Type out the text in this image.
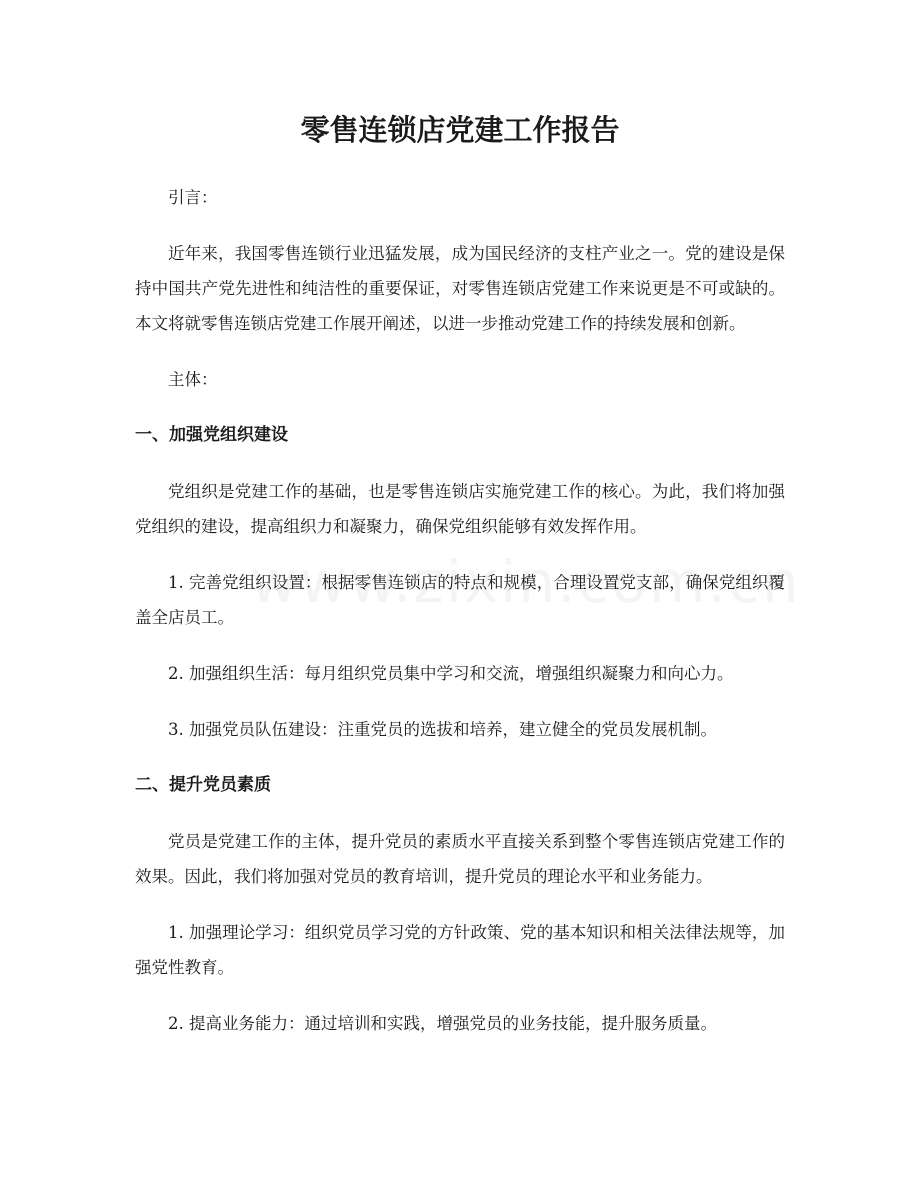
零售连锁店党建工作报告

引言：

近年来，我国零售连锁行业迅猛发展，成为国民经济的支柱产业之一。党的建设是保持中国共产党先进性和纯洁性的重要保证，对零售连锁店党建工作来说更是不可或缺的。本文将就零售连锁店党建工作展开阐述，以进一步推动党建工作的持续发展和创新。

主体：

一、加强党组织建设

党组织是党建工作的基础，也是零售连锁店实施党建工作的核心。为此，我们将加强党组织的建设，提高组织力和凝聚力，确保党组织能够有效发挥作用。

1. 完善党组织设置：根据零售连锁店的特点和规模，合理设置党支部，确保党组织覆盖全店员工。

2. 加强组织生活：每月组织党员集中学习和交流，增强组织凝聚力和向心力。

3. 加强党员队伍建设：注重党员的选拔和培养，建立健全的党员发展机制。

二、提升党员素质

党员是党建工作的主体，提升党员的素质水平直接关系到整个零售连锁店党建工作的效果。因此，我们将加强对党员的教育培训，提升党员的理论水平和业务能力。

1. 加强理论学习：组织党员学习党的方针政策、党的基本知识和相关法律法规等，加强党性教育。

2. 提高业务能力：通过培训和实践，增强党员的业务技能，提升服务质量。
